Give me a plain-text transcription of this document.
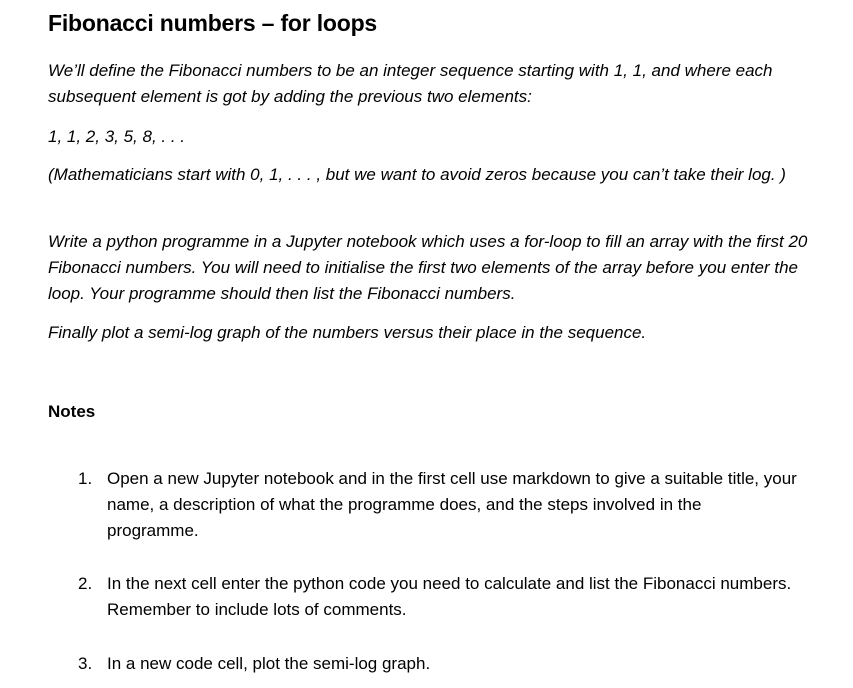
Fibonacci numbers – for loops
We’ll define the Fibonacci numbers to be an integer sequence starting with 1, 1, and where each subsequent element is got by adding the previous two elements:
1, 1, 2, 3, 5, 8, . . .
(Mathematicians start with 0, 1, . . . , but we want to avoid zeros because you can’t take their log. )
Write a python programme in a Jupyter notebook which uses a for-loop to fill an array with the first 20 Fibonacci numbers. You will need to initialise the first two elements of the array before you enter the loop. Your programme should then list the Fibonacci numbers.
Finally plot a semi-log graph of the numbers versus their place in the sequence.
Notes
1. Open a new Jupyter notebook and in the first cell use markdown to give a suitable title, your name, a description of what the programme does, and the steps involved in the programme.
2. In the next cell enter the python code you need to calculate and list the Fibonacci numbers. Remember to include lots of comments.
3. In a new code cell, plot the semi-log graph.
